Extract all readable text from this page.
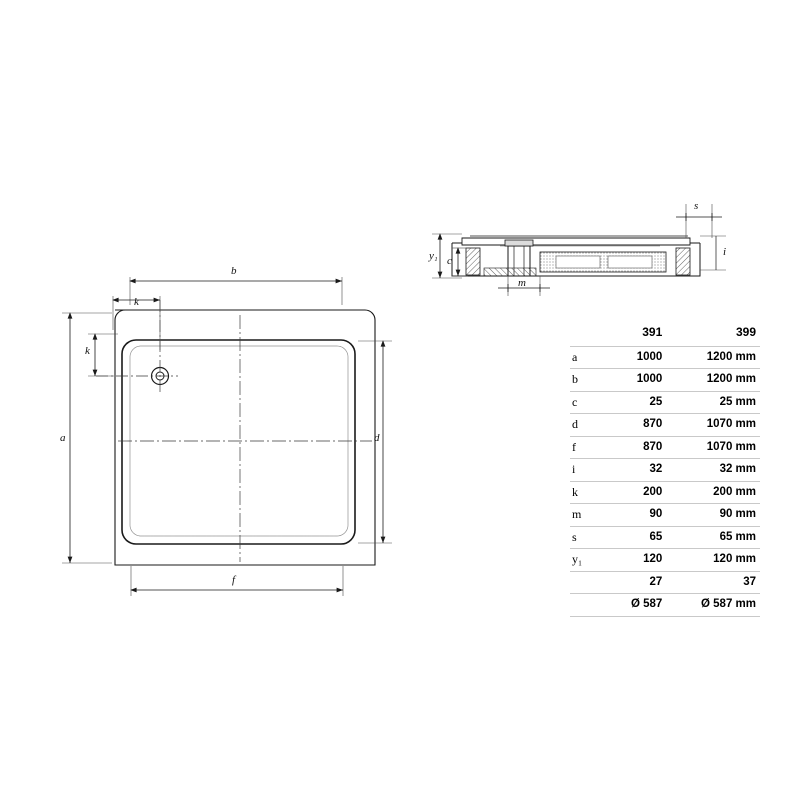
b
k
k
a	d
f
s
y₁ c
m
i
	391	399
a	1000	1200 mm
b	1000	1200 mm
c	25	25 mm
d	870	1070 mm
f	870	1070 mm
i	32	32 mm
k	200	200 mm
m	90	90 mm
s	65	65 mm
y₁	120	120 mm
	27	37
	Ø 587	Ø 587 mm
